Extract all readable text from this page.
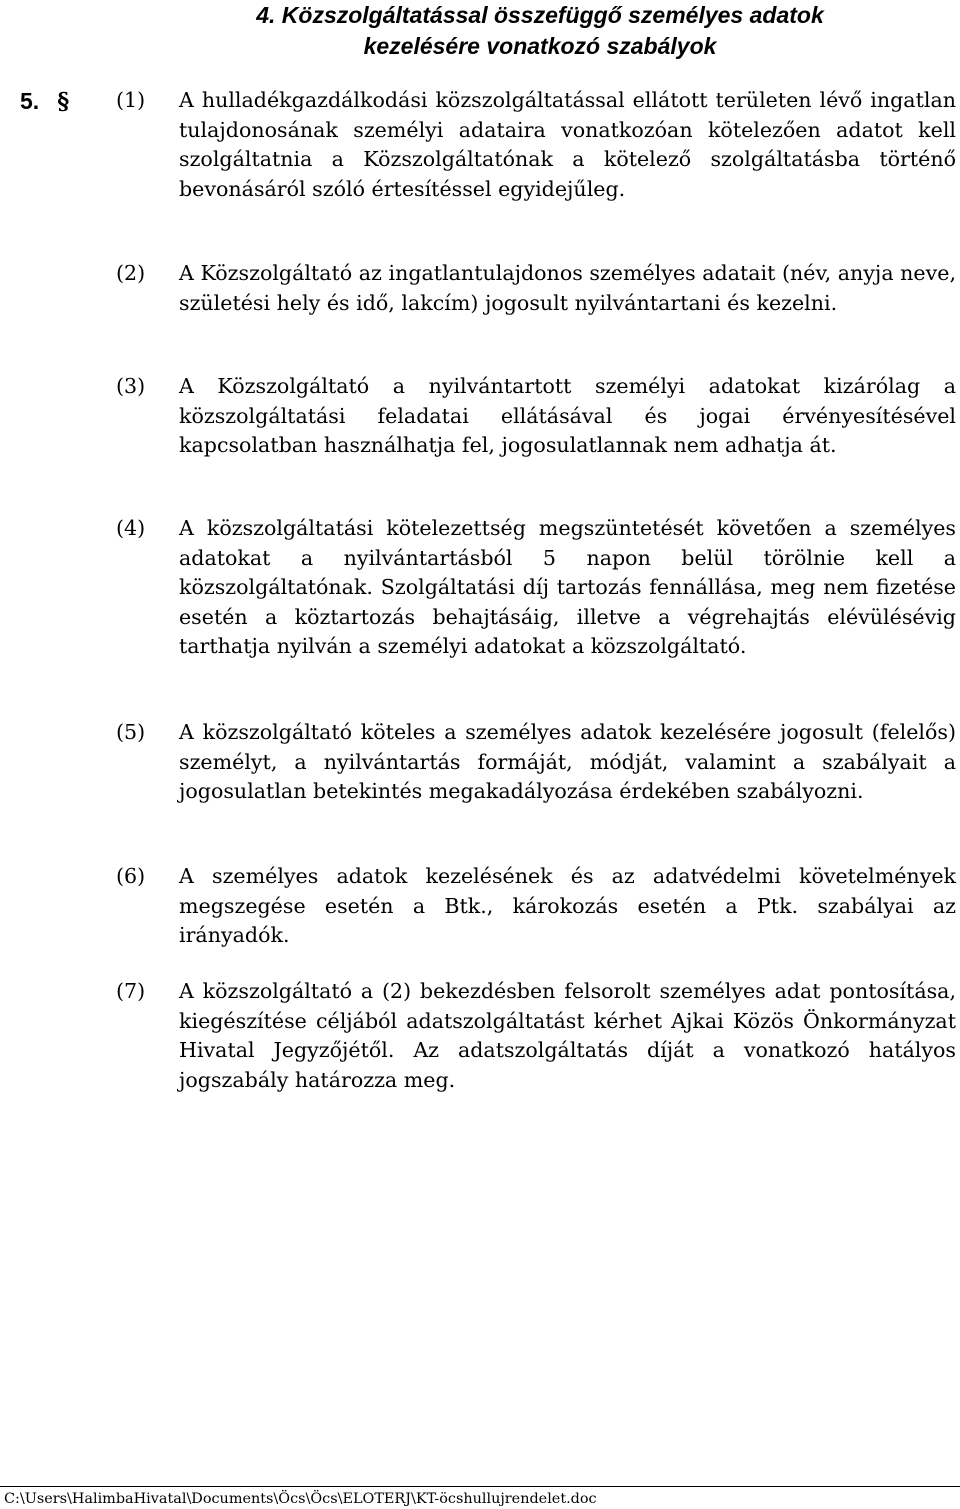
4. Közszolgáltatással összefüggő személyes adatok
kezelésére vonatkozó szabályok
5. § (1) A hulladékgazdálkodási közszolgáltatással ellátott területen lévő ingatlan tulajdonosának személyi adataira vonatkozóan kötelezően adatot kell szolgáltatnia a Közszolgáltatónak a kötelező szolgáltatásba történő bevonásáról szóló értesítéssel egyidejűleg.
(2) A Közszolgáltató az ingatlantulajdonos személyes adatait (név, anyja neve, születési hely és idő, lakcím) jogosult nyilvántartani és kezelni.
(3) A Közszolgáltató a nyilvántartott személyi adatokat kizárólag a közszolgáltatási feladatai ellátásával és jogai érvényesítésével kapcsolatban használhatja fel, jogosulatlannak nem adhatja át.
(4) A közszolgáltatási kötelezettség megszüntetését követően a személyes adatokat a nyilvántartásból 5 napon belül törölnie kell a közszolgáltatónak. Szolgáltatási díj tartozás fennállása, meg nem fizetése esetén a köztartozás behajtásáig, illetve a végrehajtás elévülésévig tarthatja nyilván a személyi adatokat a közszolgáltató.
(5) A közszolgáltató köteles a személyes adatok kezelésére jogosult (felelős) személyt, a nyilvántartás formáját, módját, valamint a szabályait a jogosulatlan betekintés megakadályozása érdekében szabályozni.
(6) A személyes adatok kezelésének és az adatvédelmi követelmények megszegése esetén a Btk., károkozás esetén a Ptk. szabályai az irányadók.
(7) A közszolgáltató a (2) bekezdésben felsorolt személyes adat pontosítása, kiegészítése céljából adatszolgáltatást kérhet Ajkai Közös Önkormányzat Hivatal Jegyzőjétől. Az adatszolgáltatás díját a vonatkozó hatályos jogszabály határozza meg.
C:\Users\HalimbaHivatal\Documents\Öcs\Öcs\ELOTERJ\KT-öcshullujrendelet.doc
